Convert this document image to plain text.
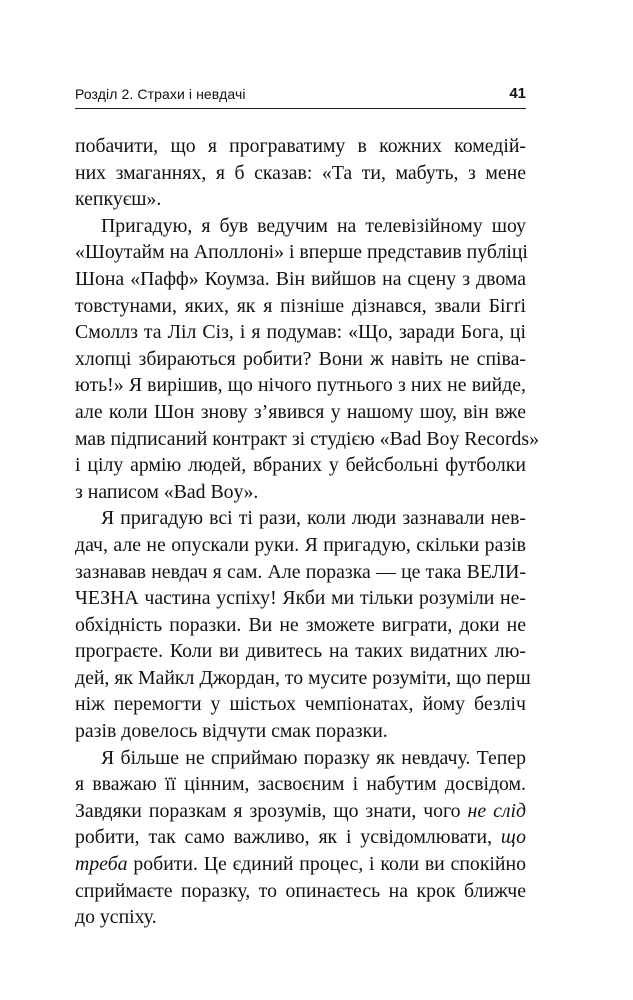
Розділ 2. Страхи і невдачі	41
побачити, що я програватиму в кожних комедій-
них змаганнях, я б сказав: «Та ти, мабуть, з мене
кепкуєш».
Пригадую, я був ведучим на телевізійному шоу
«Шоутайм на Аполлоні» і вперше представив публіці
Шона «Пафф» Коумза. Він вийшов на сцену з двома
товстунами, яких, як я пізніше дізнався, звали Бігґі
Смоллз та Ліл Сіз, і я подумав: «Що, заради Бога, ці
хлопці збираються робити? Вони ж навіть не співа-
ють!» Я вирішив, що нічого путнього з них не вийде,
але коли Шон знову з’явився у нашому шоу, він вже
мав підписаний контракт зі студією «Bad Boy Records»
і цілу армію людей, вбраних у бейсбольні футболки
з написом «Bad Boy».
Я пригадую всі ті рази, коли люди зазнавали нев-
дач, але не опускали руки. Я пригадую, скільки разів
зазнавав невдач я сам. Але поразка — це така ВЕЛИ-
ЧЕЗНА частина успіху! Якби ми тільки розуміли не-
обхідність поразки. Ви не зможете виграти, доки не
програєте. Коли ви дивитесь на таких видатних лю-
дей, як Майкл Джордан, то мусите розуміти, що перш
ніж перемогти у шістьох чемпіонатах, йому безліч
разів довелось відчути смак поразки.
Я більше не сприймаю поразку як невдачу. Тепер
я вважаю її цінним, засвоєним і набутим досвідом.
Завдяки поразкам я зрозумів, що знати, чого не слід
робити, так само важливо, як і усвідомлювати, що
треба робити. Це єдиний процес, і коли ви спокійно
сприймаєте поразку, то опинаєтесь на крок ближче
до успіху.
